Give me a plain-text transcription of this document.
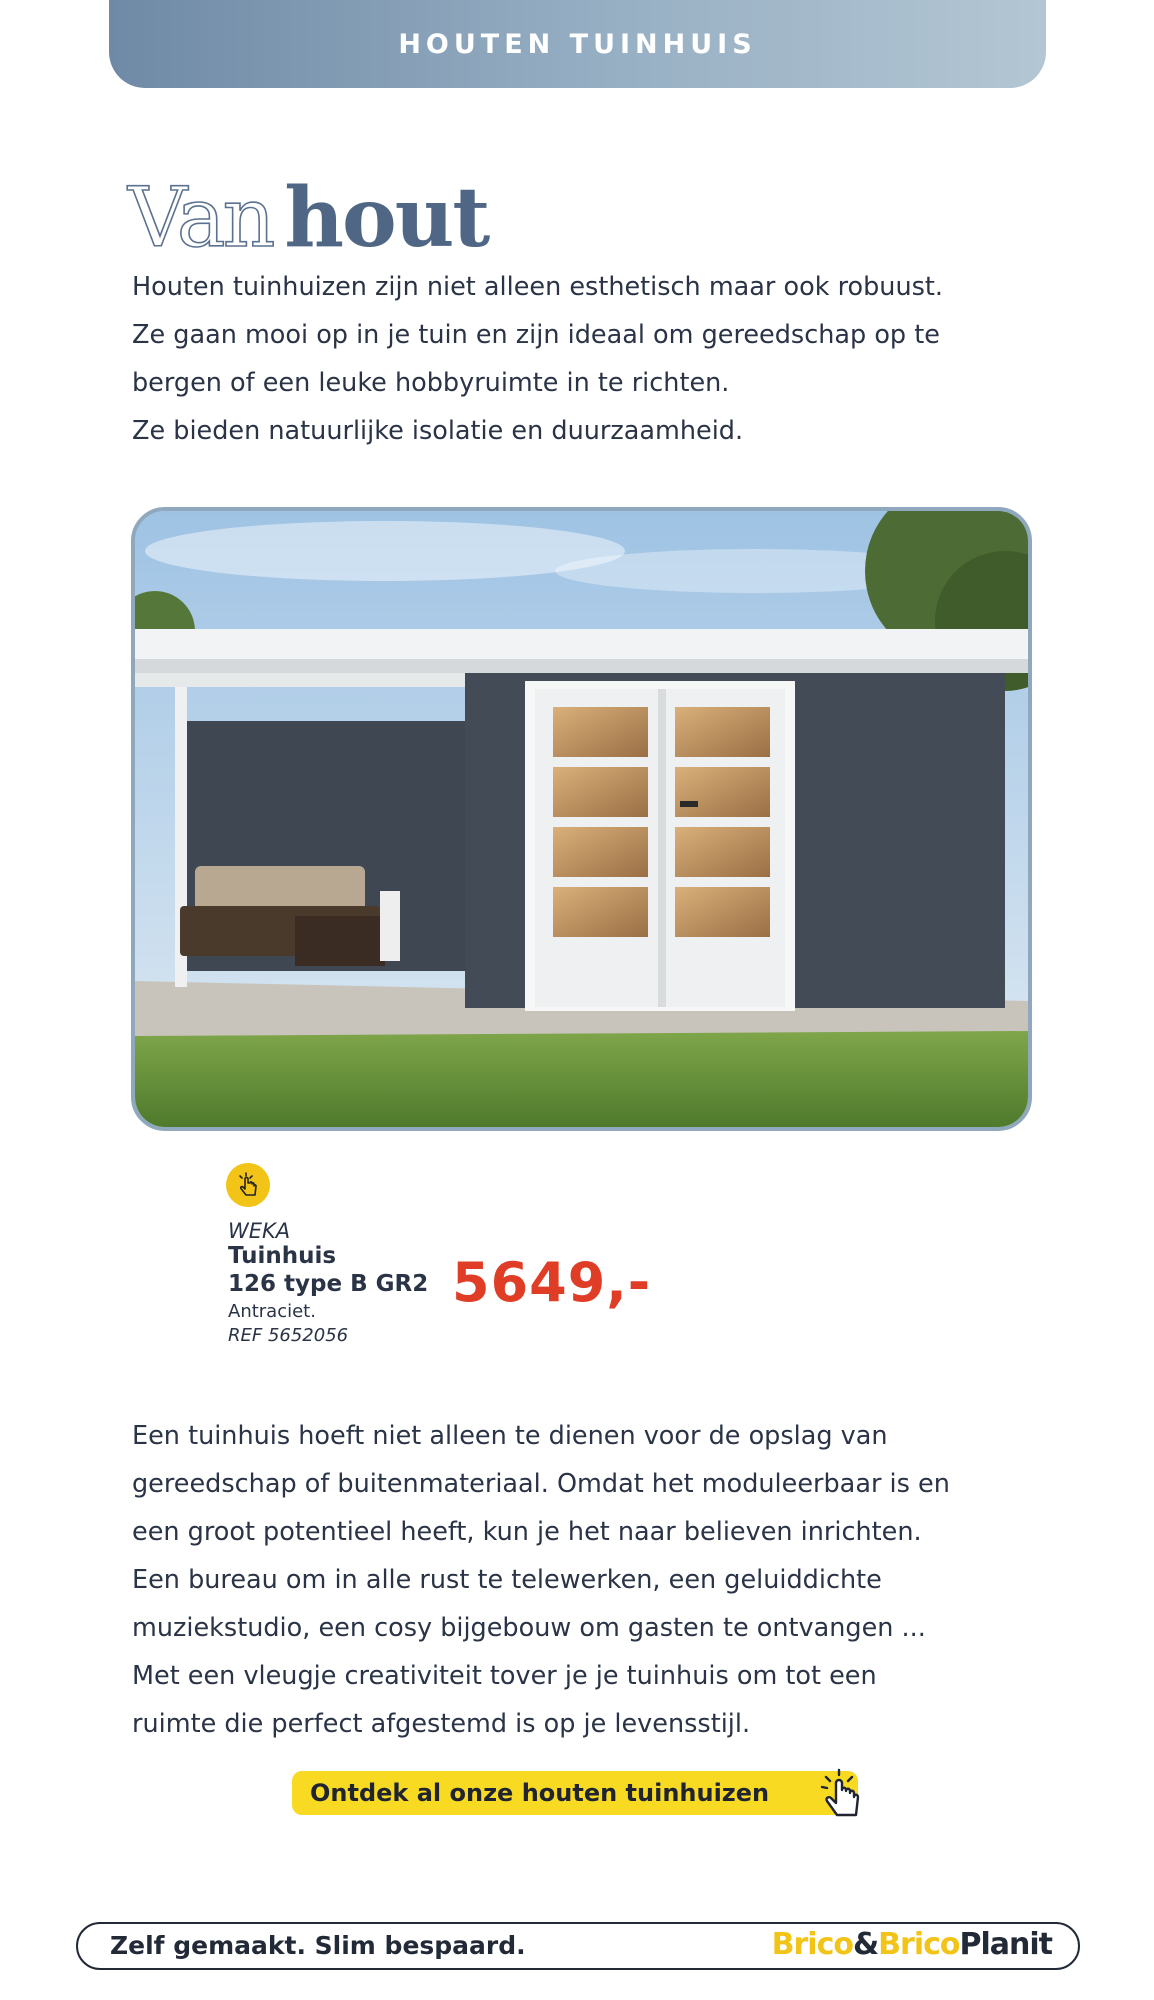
HOUTEN TUINHUIS
Van hout

Houten tuinhuizen zijn niet alleen esthetisch maar ook robuust.

Ze gaan mooi op in je tuin en zijn ideaal om gereedschap op te

bergen of een leuke hobbyruimte in te richten.

Ze bieden natuurlijke isolatie en duurzaamheid.

WEKA
Tuinhuis
126 type B GR2
Antraciet.
REF 5652056
5649,-

Een tuinhuis hoeft niet alleen te dienen voor de opslag van

gereedschap of buitenmateriaal. Omdat het moduleerbaar is en

een groot potentieel heeft, kun je het naar believen inrichten.

Een bureau om in alle rust te telewerken, een geluiddichte

muziekstudio, een cosy bijgebouw om gasten te ontvangen ...

Met een vleugje creativiteit tover je je tuinhuis om tot een

ruimte die perfect afgestemd is op je levensstijl.

Ontdek al onze houten tuinhuizen
Zelf gemaakt. Slim bespaard.	Brico&BricoPlanit
